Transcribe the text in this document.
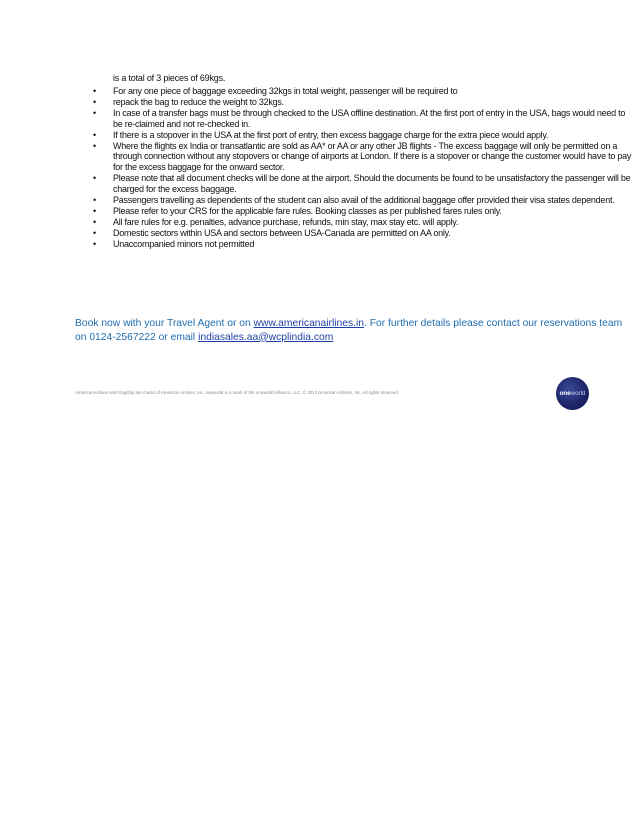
is a total of 3 pieces of 69kgs.
• For any one piece of baggage exceeding 32kgs in total weight, passenger will be required to
• repack the bag to reduce the weight to 32kgs.
• In case of a transfer bags must be through checked to the USA offline destination. At the first port of entry in the USA, bags would need to be re-claimed and not re-checked in.
• If there is a stopover in the USA at the first port of entry, then excess baggage charge for the extra piece would apply.
• Where the flights ex India or transatlantic are sold as AA* or AA or any other JB flights - The excess baggage will only be permitted on a through connection without any stopovers or change of airports at London. If there is a stopover or change the customer would have to pay for the excess baggage for the onward sector.
• Please note that all document checks will be done at the airport. Should the documents be found to be unsatisfactory the passenger will be charged for the excess baggage.
• Passengers travelling as dependents of the student can also avail of the additional baggage offer provided their visa states dependent.
• Please refer to your CRS for the applicable fare rules. Booking classes as per published fares rules only.
• All fare rules for e.g. penalties, advance purchase, refunds, min stay, max stay etc. will apply.
• Domestic sectors within USA and sectors between USA-Canada are permitted on AA only.
• Unaccompanied minors not permitted
Book now with your Travel Agent or on www.americanairlines.in. For further details please contact our reservations team on 0124-2567222 or email indiasales.aa@wcplindia.com
AmericanAirlines and Flagship are marks of American Airlines, Inc. oneworld is a mark of the oneworld Alliance, LLC. © 2013 American Airlines, Inc. All rights reserved.	one world
